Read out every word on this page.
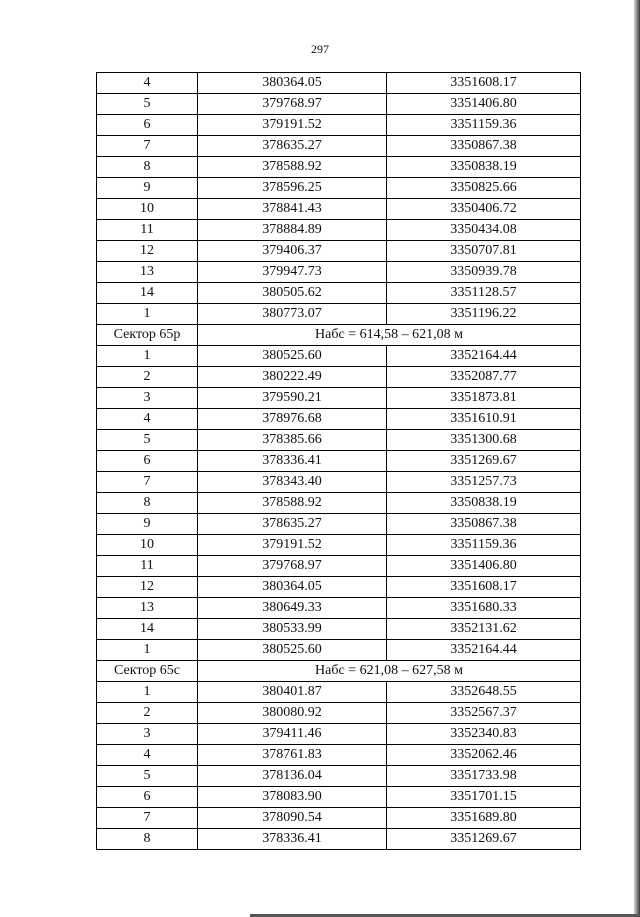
297
4	380364.05	3351608.17
5	379768.97	3351406.80
6	379191.52	3351159.36
7	378635.27	3350867.38
8	378588.92	3350838.19
9	378596.25	3350825.66
10	378841.43	3350406.72
11	378884.89	3350434.08
12	379406.37	3350707.81
13	379947.73	3350939.78
14	380505.62	3351128.57
1	380773.07	3351196.22
Сектор 65р	Набс = 614,58 – 621,08 м	
1	380525.60	3352164.44
2	380222.49	3352087.77
3	379590.21	3351873.81
4	378976.68	3351610.91
5	378385.66	3351300.68
6	378336.41	3351269.67
7	378343.40	3351257.73
8	378588.92	3350838.19
9	378635.27	3350867.38
10	379191.52	3351159.36
11	379768.97	3351406.80
12	380364.05	3351608.17
13	380649.33	3351680.33
14	380533.99	3352131.62
1	380525.60	3352164.44
Сектор 65с	Набс = 621,08 – 627,58 м	
1	380401.87	3352648.55
2	380080.92	3352567.37
3	379411.46	3352340.83
4	378761.83	3352062.46
5	378136.04	3351733.98
6	378083.90	3351701.15
7	378090.54	3351689.80
8	378336.41	3351269.67
